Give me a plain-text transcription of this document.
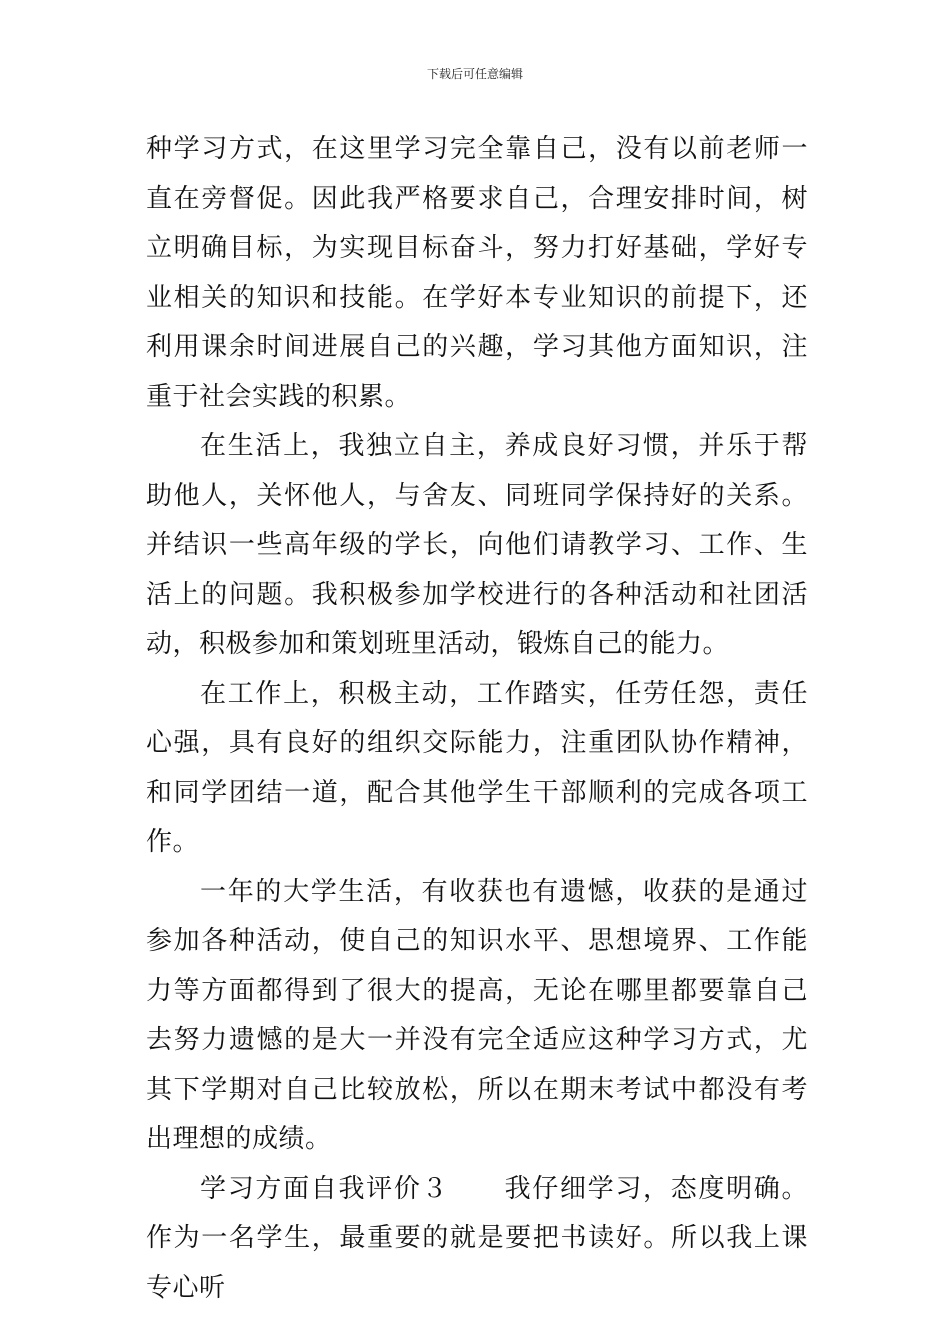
下载后可任意编辑

种学习方式，在这里学习完全靠自己，没有以前老师一直在旁督促。因此我严格要求自己，合理安排时间，树立明确目标，为实现目标奋斗，努力打好基础，学好专业相关的知识和技能。在学好本专业知识的前提下，还利用课余时间进展自己的兴趣，学习其他方面知识，注重于社会实践的积累。

在生活上，我独立自主，养成良好习惯，并乐于帮助他人，关怀他人，与舍友、同班同学保持好的关系。并结识一些高年级的学长，向他们请教学习、工作、生活上的问题。我积极参加学校进行的各种活动和社团活动，积极参加和策划班里活动，锻炼自己的能力。

在工作上，积极主动，工作踏实，任劳任怨，责任心强，具有良好的组织交际能力，注重团队协作精神，和同学团结一道，配合其他学生干部顺利的完成各项工作。

一年的大学生活，有收获也有遗憾，收获的是通过参加各种活动，使自己的知识水平、思想境界、工作能力等方面都得到了很大的提高，无论在哪里都要靠自己去努力遗憾的是大一并没有完全适应这种学习方式，尤其下学期对自己比较放松，所以在期末考试中都没有考出理想的成绩。

学习方面自我评价３　　我仔细学习，态度明确。作为一名学生，最重要的就是要把书读好。所以我上课专心听
